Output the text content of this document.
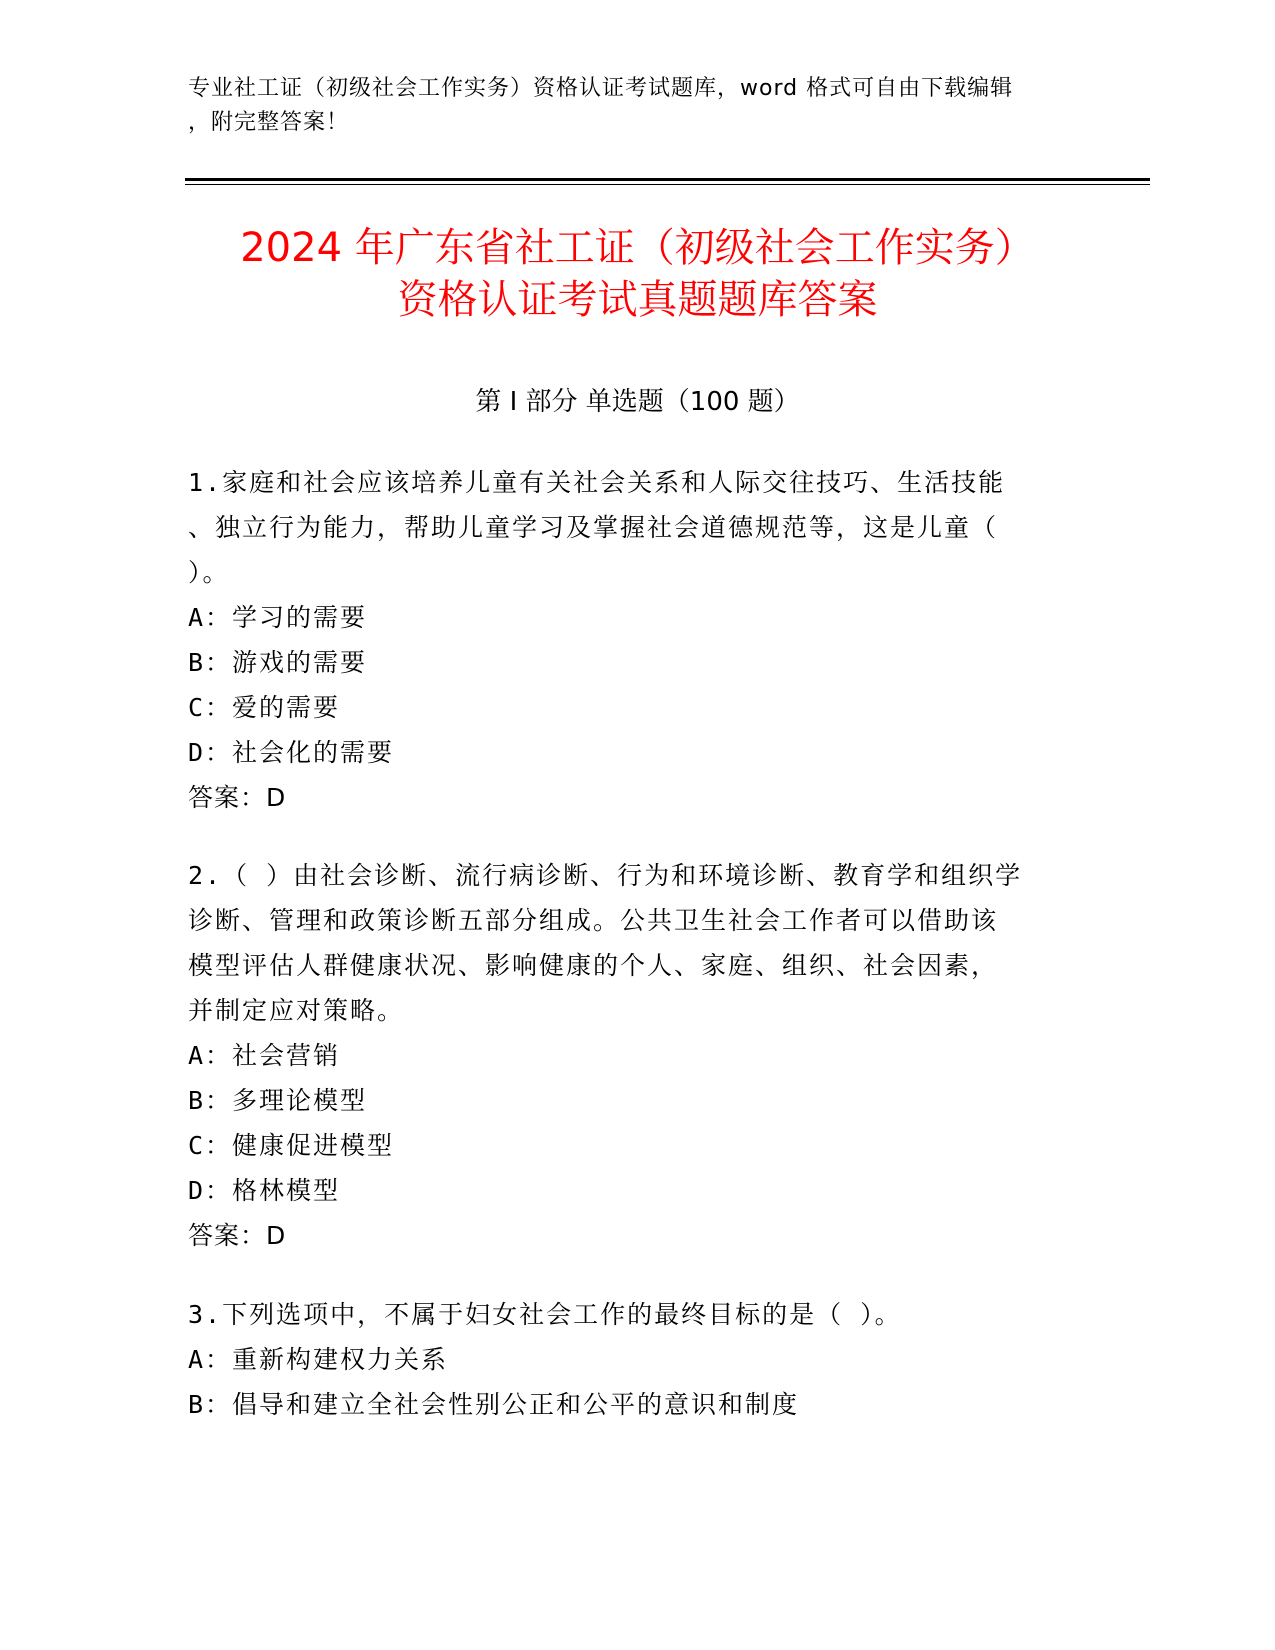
专业社工证（初级社会工作实务）资格认证考试题库，word 格式可自由下载编辑
，附完整答案！
2024 年广东省社工证（初级社会工作实务）
资格认证考试真题题库答案
第 I 部分 单选题（100 题）
1.家庭和社会应该培养儿童有关社会关系和人际交往技巧、生活技能
、独立行为能力，帮助儿童学习及掌握社会道德规范等，这是儿童（
）。
A：学习的需要
B：游戏的需要
C：爱的需要
D：社会化的需要
答案：D
2.（ ）由社会诊断、流行病诊断、行为和环境诊断、教育学和组织学
诊断、管理和政策诊断五部分组成。公共卫生社会工作者可以借助该
模型评估人群健康状况、影响健康的个人、家庭、组织、社会因素，
并制定应对策略。
A：社会营销
B：多理论模型
C：健康促进模型
D：格林模型
答案：D
3.下列选项中，不属于妇女社会工作的最终目标的是（ ）。
A：重新构建权力关系
B：倡导和建立全社会性别公正和公平的意识和制度
